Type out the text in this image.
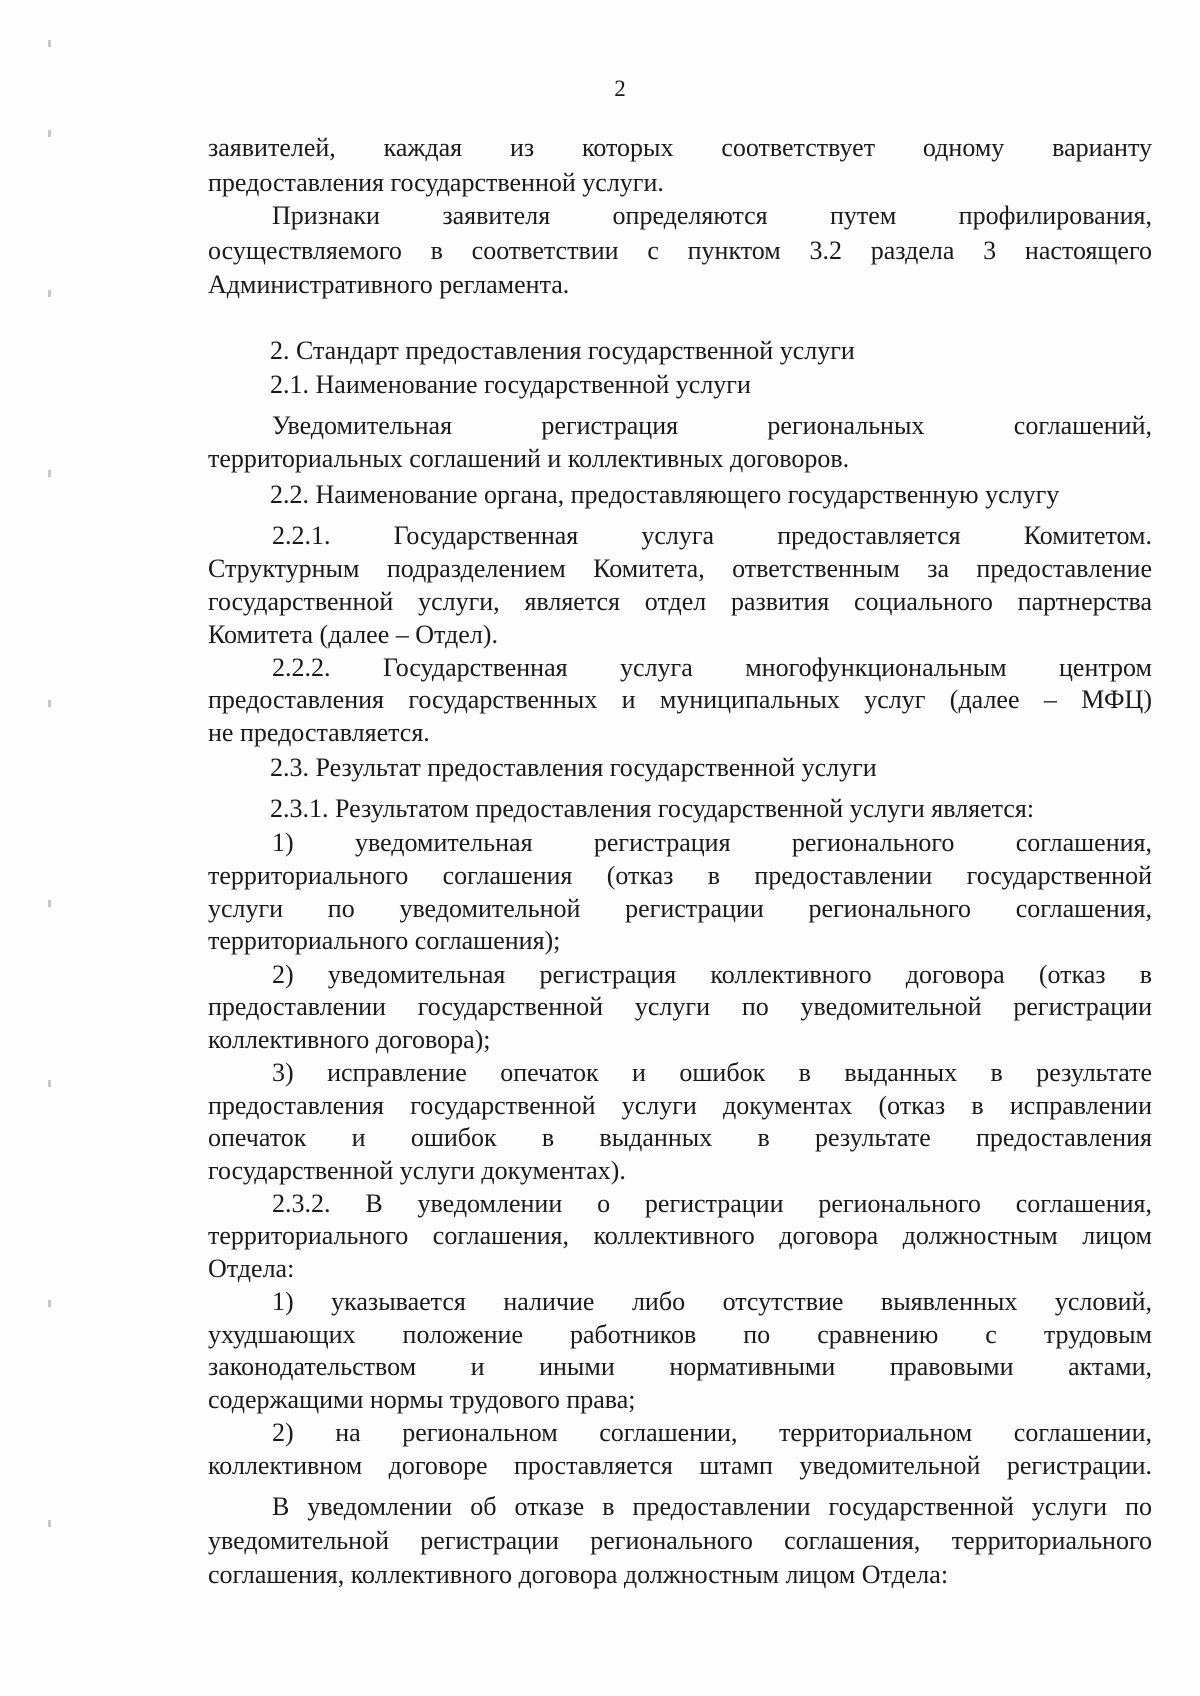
2
заявителей, каждая из которых соответствует одному варианту
предоставления государственной услуги.
Признаки заявителя определяются путем профилирования,
осуществляемого в соответствии с пунктом 3.2 раздела 3 настоящего
Административного регламента.
2. Стандарт предоставления государственной услуги
2.1. Наименование государственной услуги
Уведомительная регистрация региональных соглашений,
территориальных соглашений и коллективных договоров.
2.2. Наименование органа, предоставляющего государственную услугу
2.2.1. Государственная услуга предоставляется Комитетом.
Структурным подразделением Комитета, ответственным за предоставление
государственной услуги, является отдел развития социального партнерства
Комитета (далее – Отдел).
2.2.2. Государственная услуга многофункциональным центром
предоставления государственных и муниципальных услуг (далее – МФЦ)
не предоставляется.
2.3. Результат предоставления государственной услуги
2.3.1. Результатом предоставления государственной услуги является:
1) уведомительная регистрация регионального соглашения,
территориального соглашения (отказ в предоставлении государственной
услуги по уведомительной регистрации регионального соглашения,
территориального соглашения);
2) уведомительная регистрация коллективного договора (отказ в
предоставлении государственной услуги по уведомительной регистрации
коллективного договора);
3) исправление опечаток и ошибок в выданных в результате
предоставления государственной услуги документах (отказ в исправлении
опечаток и ошибок в выданных в результате предоставления
государственной услуги документах).
2.3.2. В уведомлении о регистрации регионального соглашения,
территориального соглашения, коллективного договора должностным лицом
Отдела:
1) указывается наличие либо отсутствие выявленных условий,
ухудшающих положение работников по сравнению с трудовым
законодательством и иными нормативными правовыми актами,
содержащими нормы трудового права;
2) на региональном соглашении, территориальном соглашении,
коллективном договоре проставляется штамп уведомительной регистрации.
В уведомлении об отказе в предоставлении государственной услуги по
уведомительной регистрации регионального соглашения, территориального
соглашения, коллективного договора должностным лицом Отдела:
